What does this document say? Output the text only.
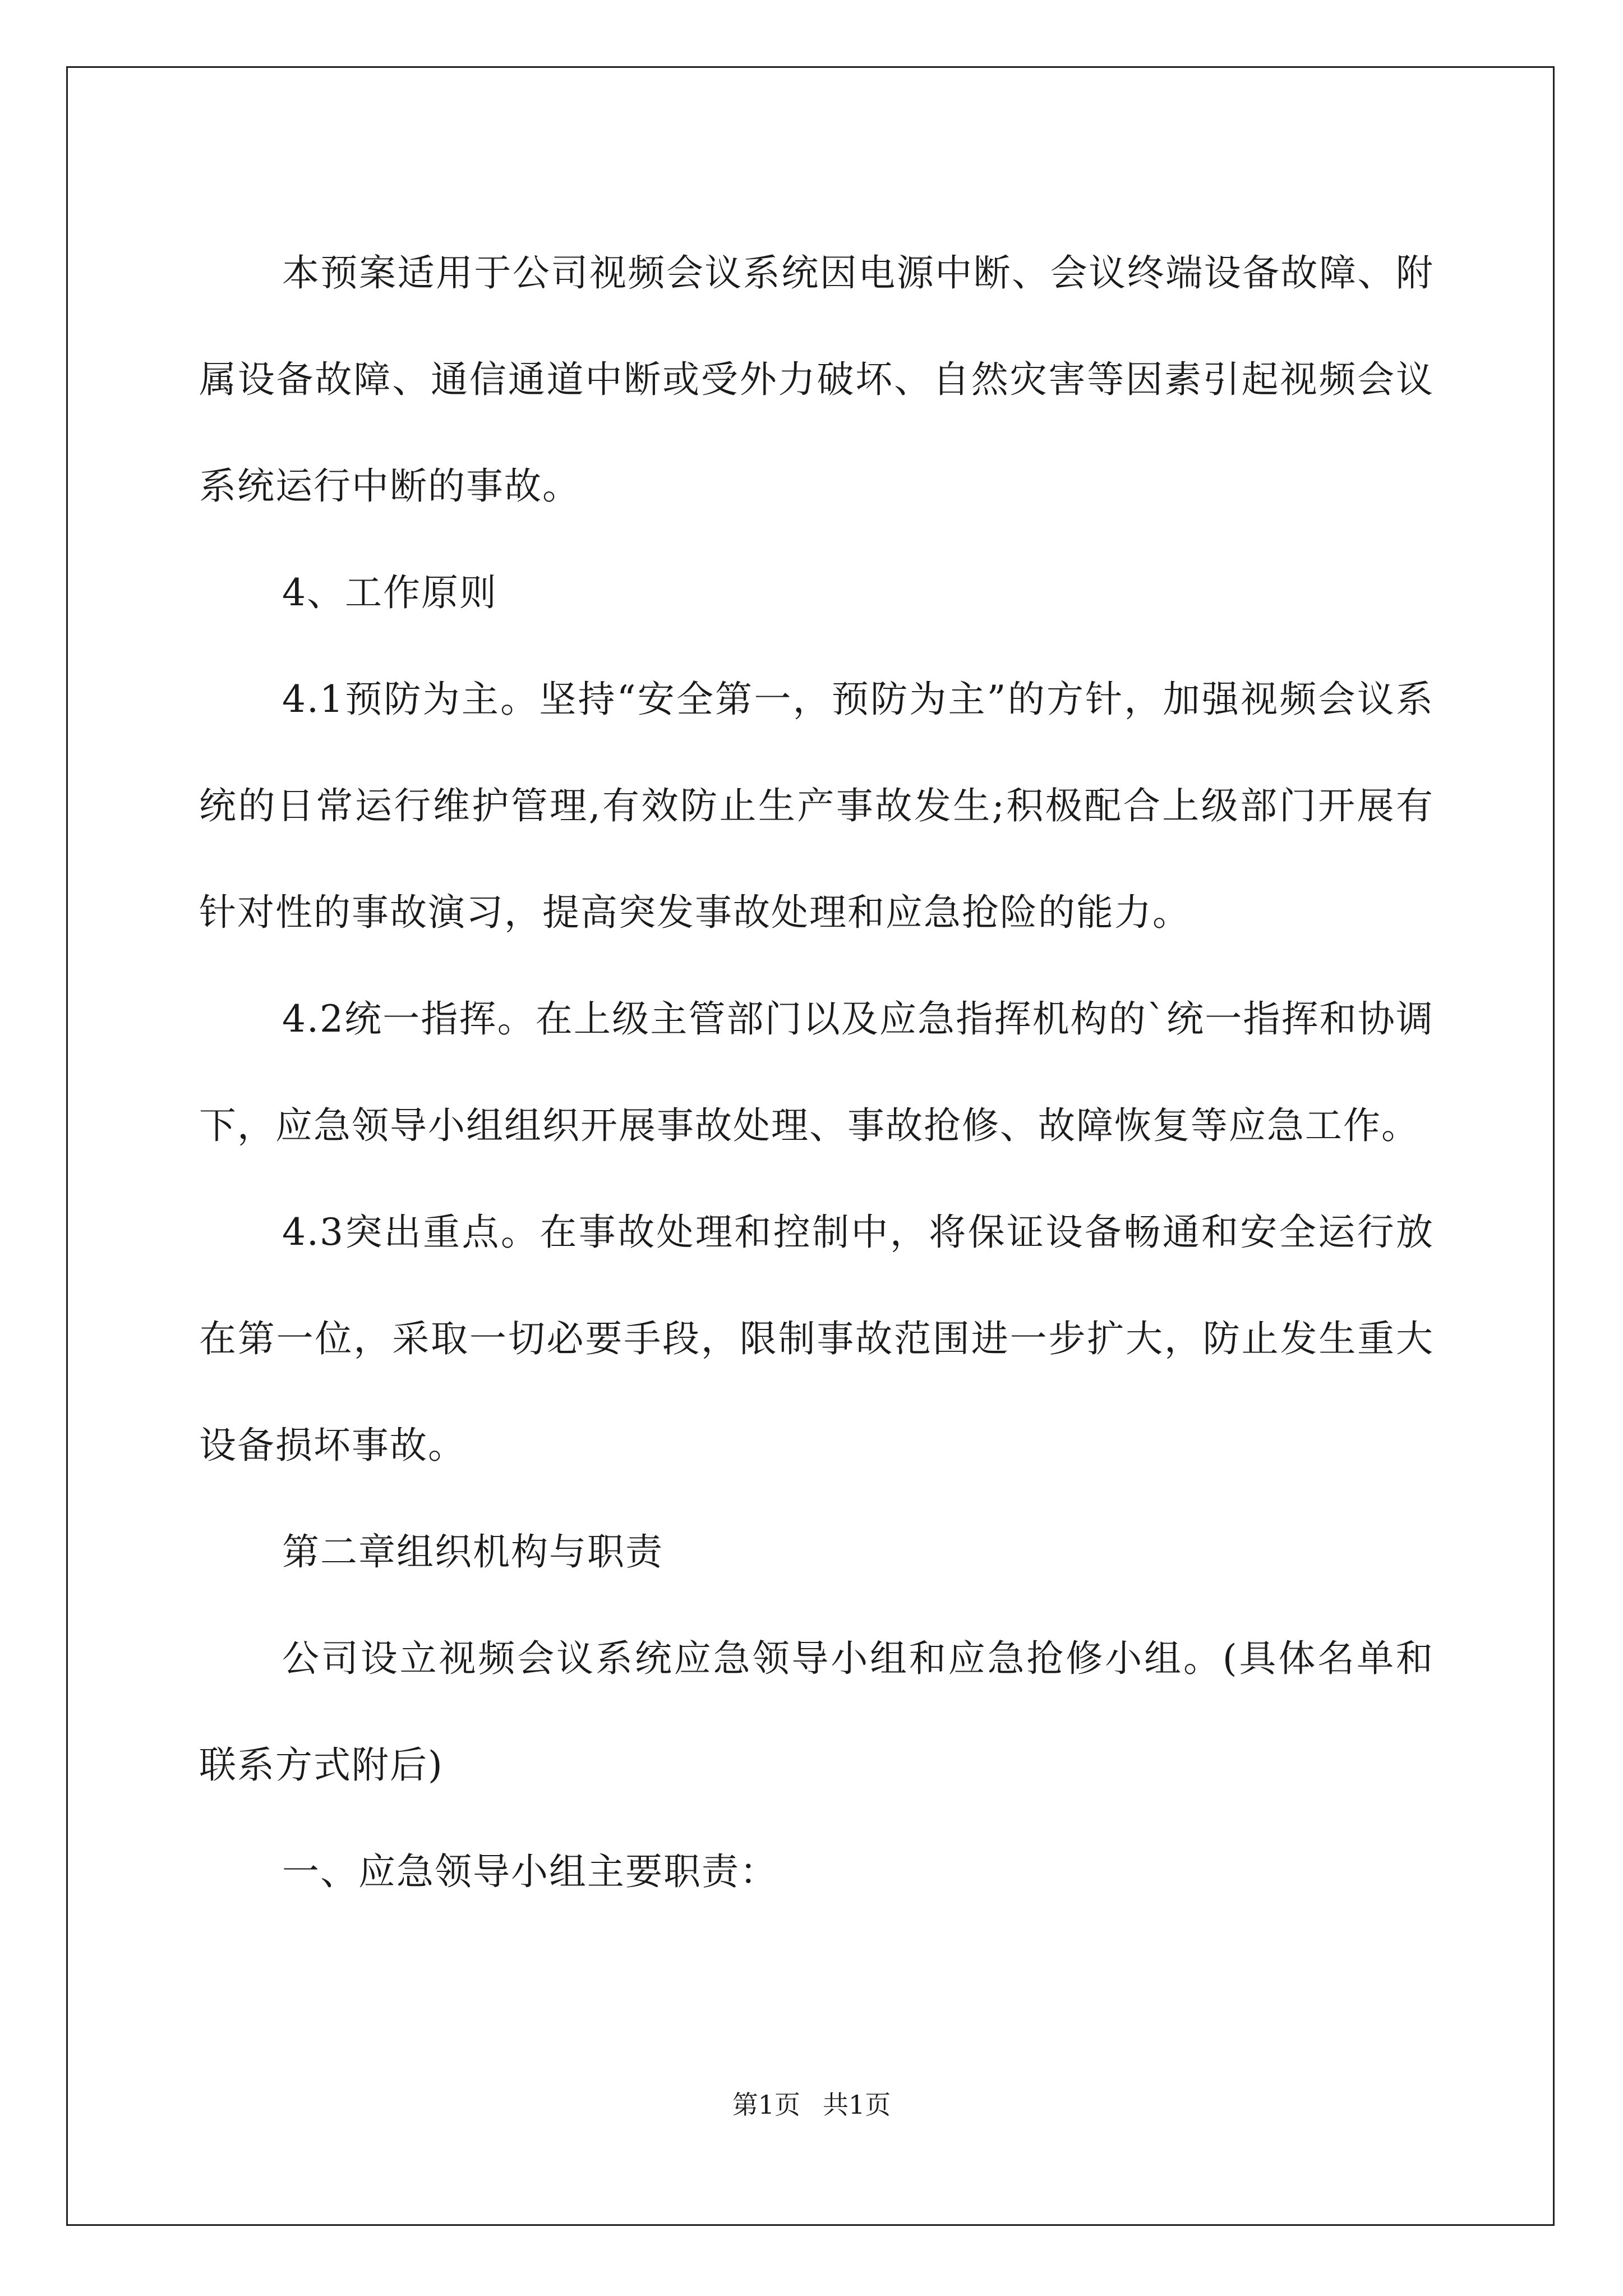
本预案适用于公司视频会议系统因电源中断、会议终端设备故障、附属设备故障、通信通道中断或受外力破坏、自然灾害等因素引起视频会议系统运行中断的事故。

4、工作原则

4.1预防为主。坚持“安全第一，预防为主”的方针，加强视频会议系统的日常运行维护管理,有效防止生产事故发生;积极配合上级部门开展有针对性的事故演习，提高突发事故处理和应急抢险的能力。

4.2统一指挥。在上级主管部门以及应急指挥机构的`统一指挥和协调下，应急领导小组组织开展事故处理、事故抢修、故障恢复等应急工作。

4.3突出重点。在事故处理和控制中，将保证设备畅通和安全运行放在第一位，采取一切必要手段，限制事故范围进一步扩大，防止发生重大设备损坏事故。

第二章组织机构与职责

公司设立视频会议系统应急领导小组和应急抢修小组。(具体名单和联系方式附后)

一、应急领导小组主要职责：

第1页 共1页
